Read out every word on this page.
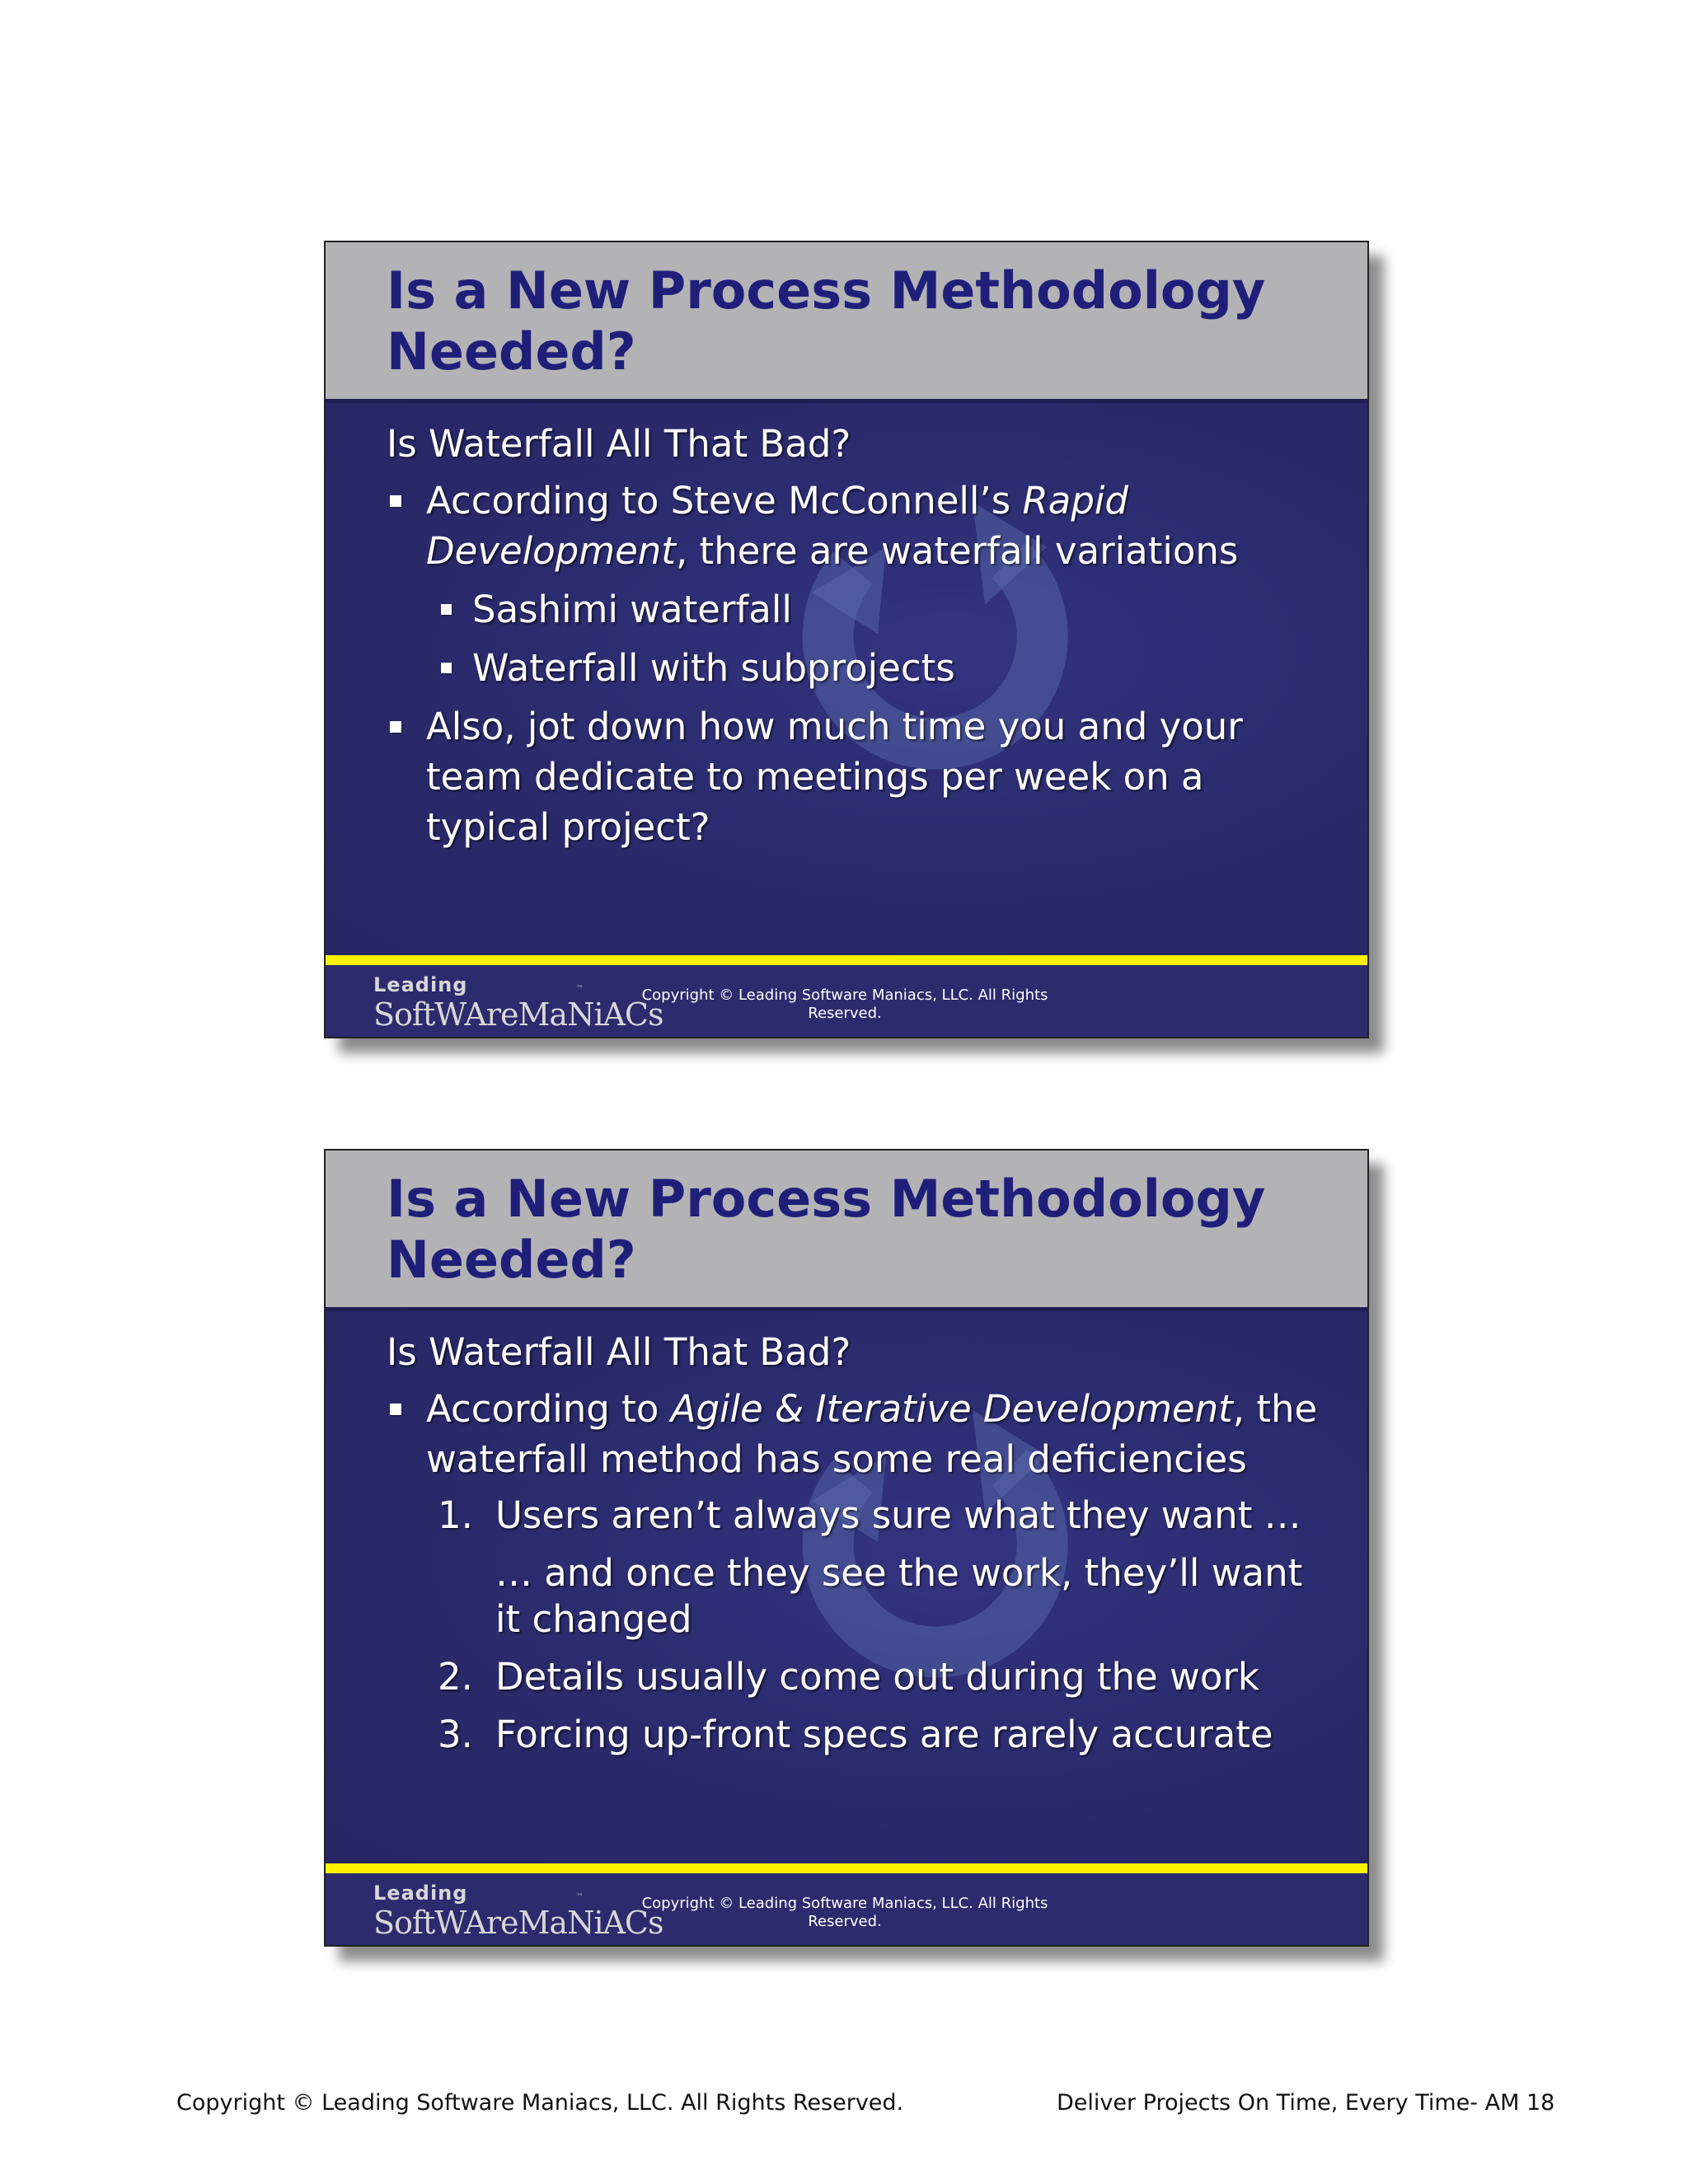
Is a New Process Methodology Needed?
Is Waterfall All That Bad?
According to Steve McConnell’s Rapid Development, there are waterfall variations
Sashimi waterfall
Waterfall with subprojects
Also, jot down how much time you and your team dedicate to meetings per week on a typical project?
Leading
SoftWAreMaNiACs
™	Copyright © Leading Software Maniacs, LLC. All Rights Reserved.
Is a New Process Methodology Needed?
Is Waterfall All That Bad?
According to Agile & Iterative Development, the waterfall method has some real deficiencies
1. Users aren’t always sure what they want …
… and once they see the work, they’ll want it changed
2. Details usually come out during the work
3. Forcing up-front specs are rarely accurate
Leading
SoftWAreMaNiACs
™	Copyright © Leading Software Maniacs, LLC. All Rights Reserved.
Copyright © Leading Software Maniacs, LLC. All Rights Reserved.	Deliver Projects On Time, Every Time- AM 18
